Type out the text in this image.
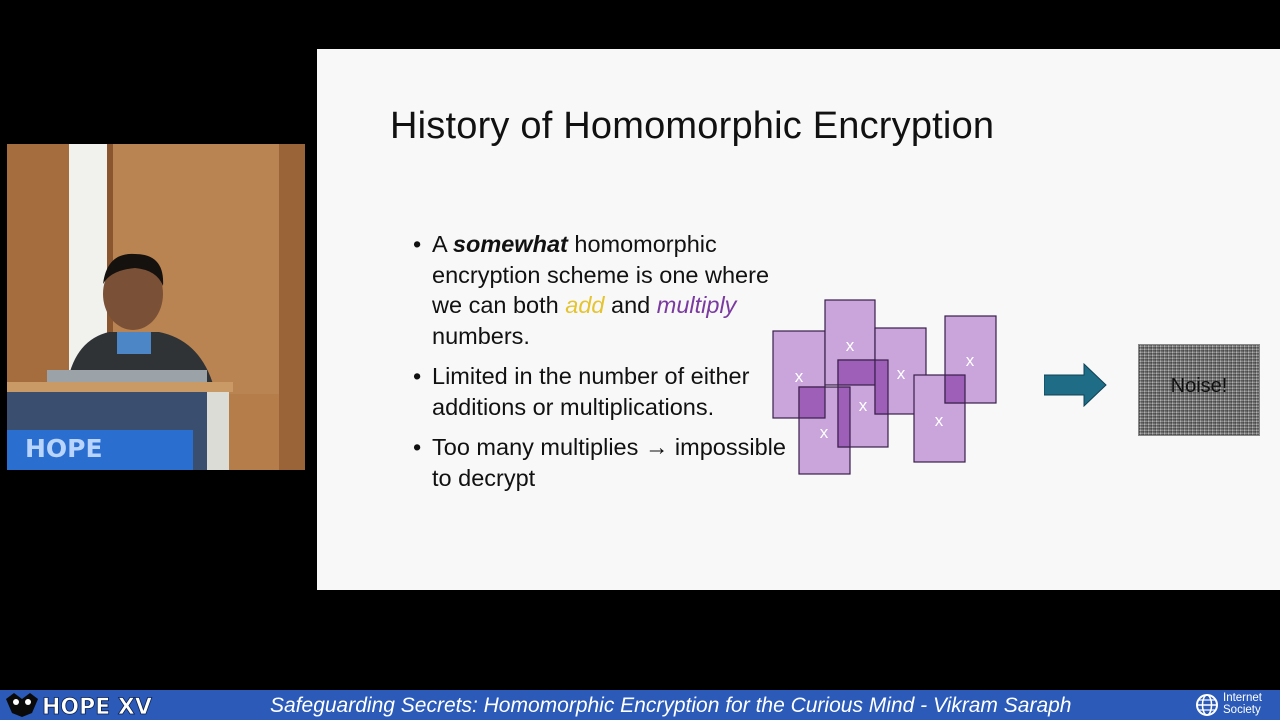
HOPE
History of Homomorphic Encryption
• A somewhat homomorphic encryption scheme is one where we can both add and multiply numbers.
• Limited in the number of either additions or multiplications.
• Too many multiplies → impossible to decrypt
x
x
x
x
x
x
x
Noise!
HOPE XV	Safeguarding Secrets: Homomorphic Encryption for the Curious Mind - Vikram Saraph	Internet
Society
